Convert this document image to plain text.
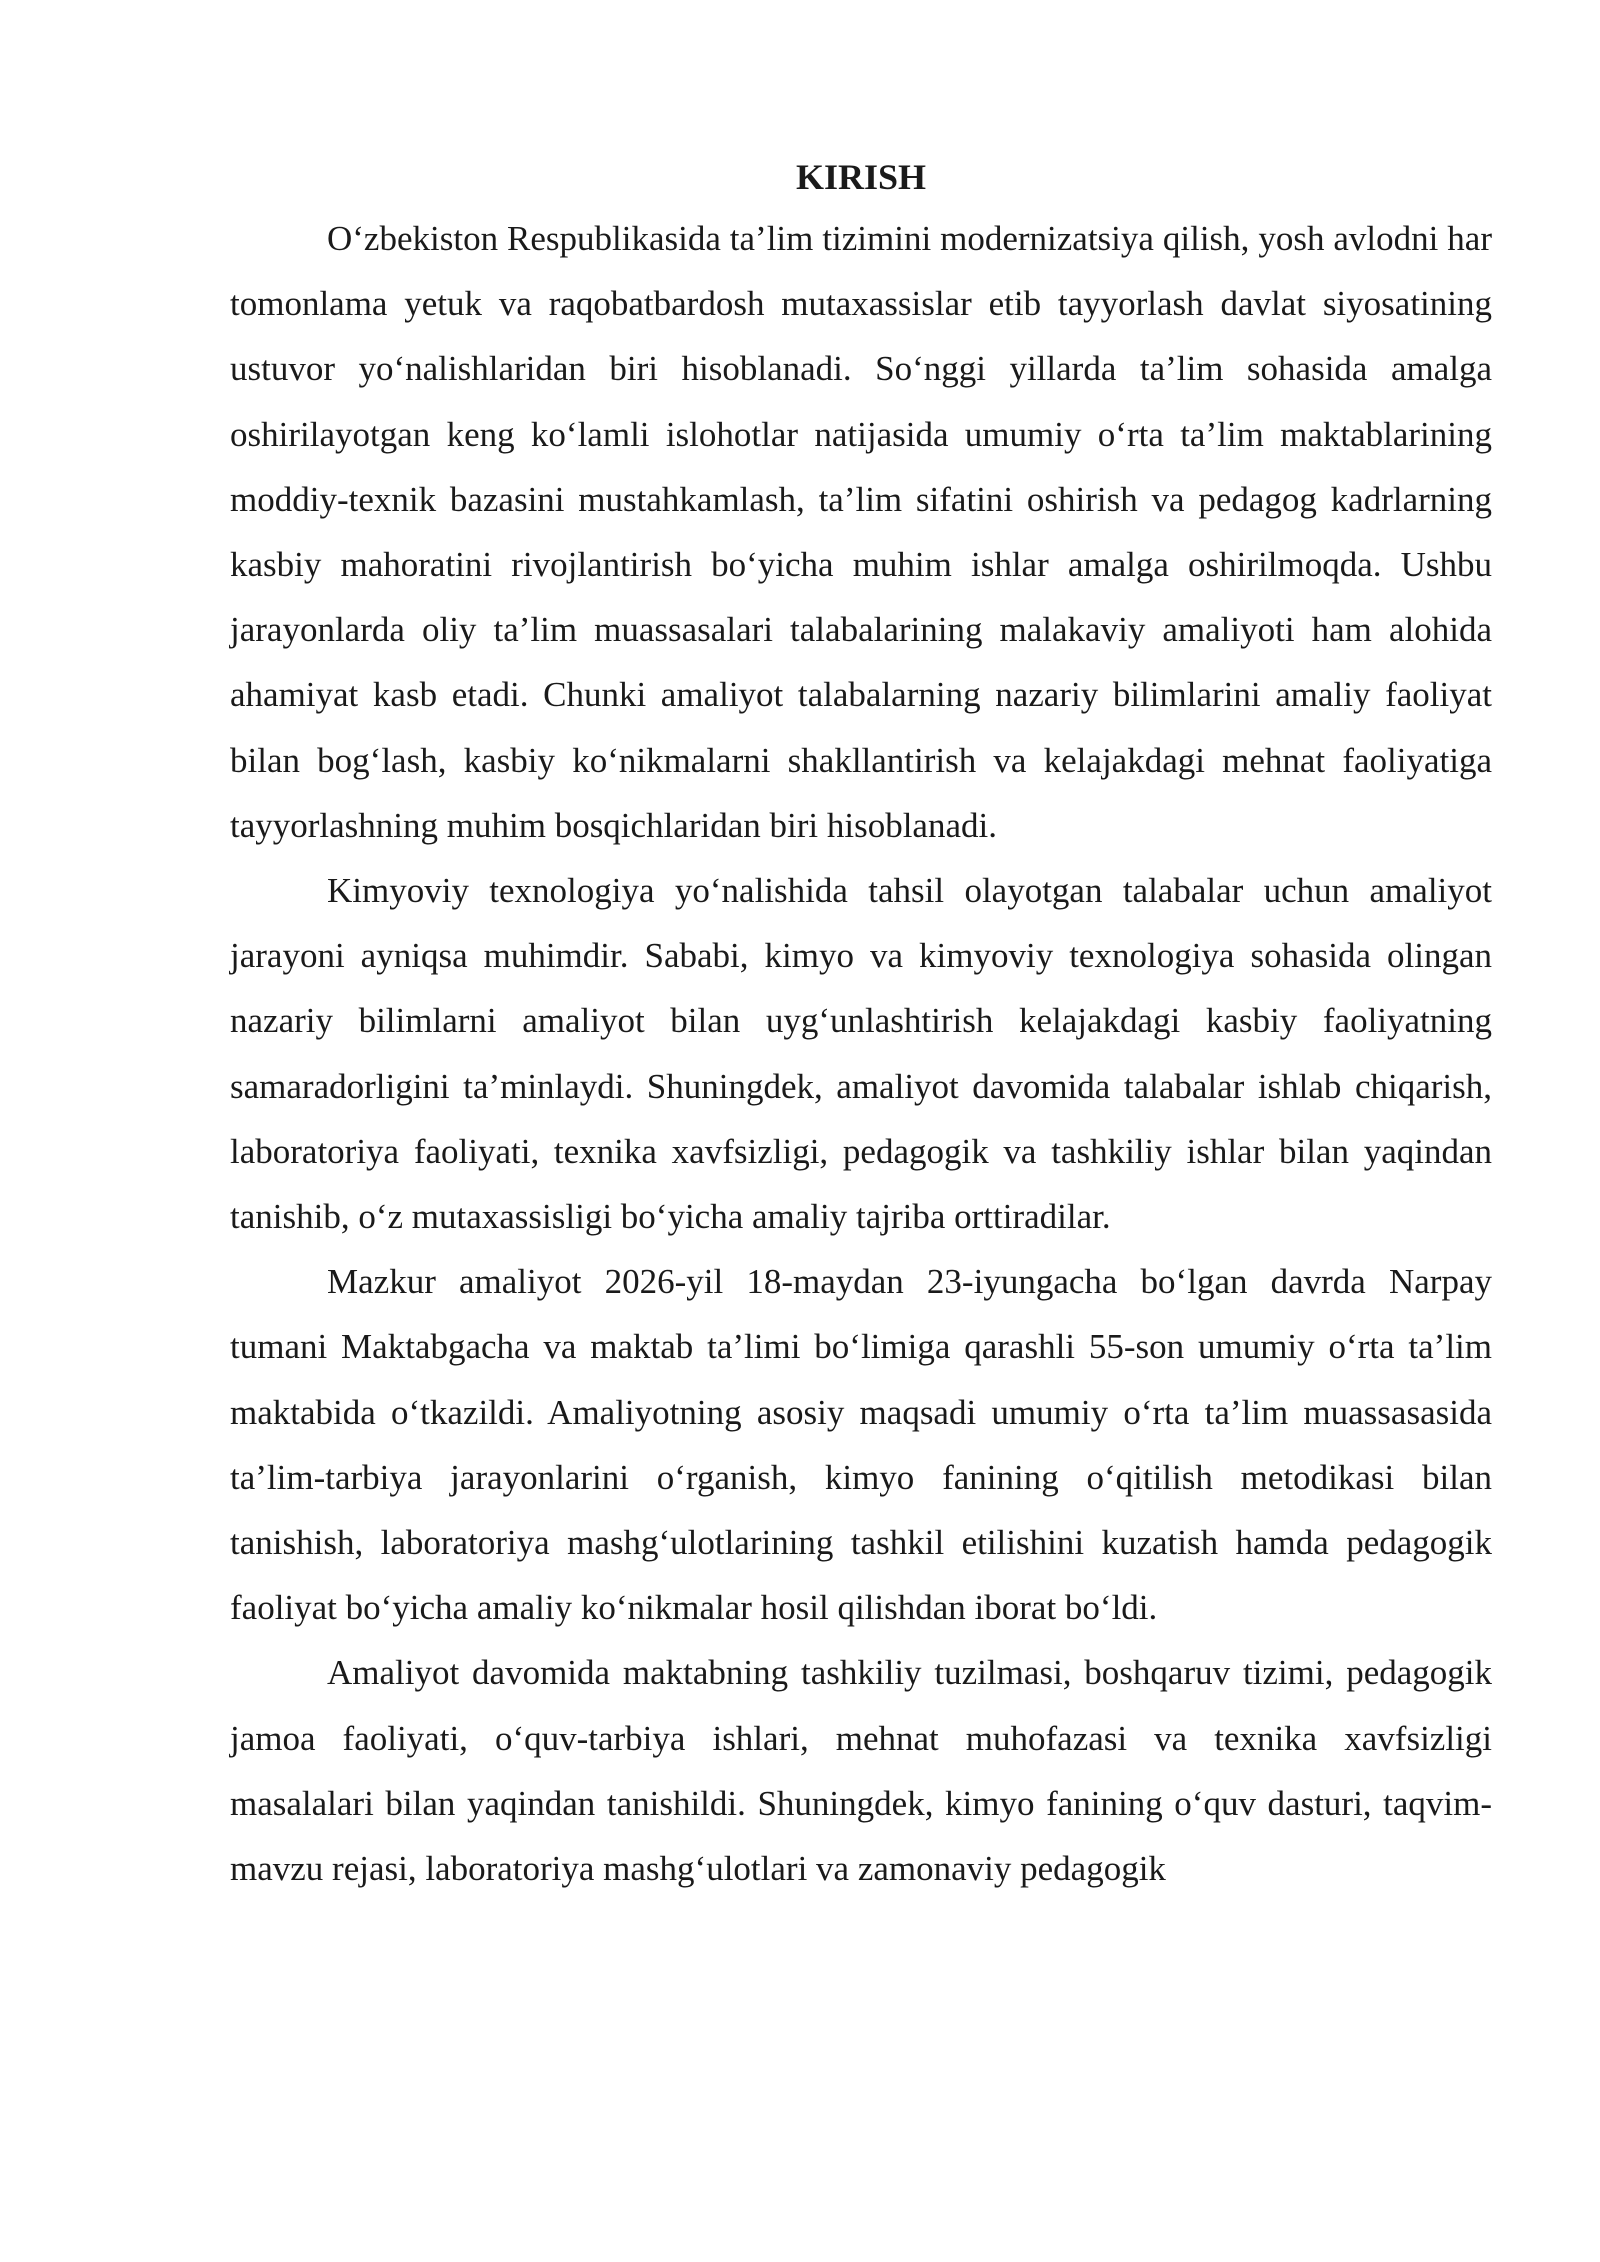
KIRISH

O‘zbekiston Respublikasida ta’lim tizimini modernizatsiya qilish, yosh avlodni har tomonlama yetuk va raqobatbardosh mutaxassislar etib tayyorlash davlat siyosatining ustuvor yo‘nalishlaridan biri hisoblanadi. So‘nggi yillarda ta’lim sohasida amalga oshirilayotgan keng ko‘lamli islohotlar natijasida umumiy o‘rta ta’lim maktablarining moddiy-texnik bazasini mustahkamlash, ta’lim sifatini oshirish va pedagog kadrlarning kasbiy mahoratini rivojlantirish bo‘yicha muhim ishlar amalga oshirilmoqda. Ushbu jarayonlarda oliy ta’lim muassasalari talabalarining malakaviy amaliyoti ham alohida ahamiyat kasb etadi. Chunki amaliyot talabalarning nazariy bilimlarini amaliy faoliyat bilan bog‘lash, kasbiy ko‘nikmalarni shakllantirish va kelajakdagi mehnat faoliyatiga tayyorlashning muhim bosqichlaridan biri hisoblanadi.

Kimyoviy texnologiya yo‘nalishida tahsil olayotgan talabalar uchun amaliyot jarayoni ayniqsa muhimdir. Sababi, kimyo va kimyoviy texnologiya sohasida olingan nazariy bilimlarni amaliyot bilan uyg‘unlashtirish kelajakdagi kasbiy faoliyatning samaradorligini ta’minlaydi. Shuningdek, amaliyot davomida talabalar ishlab chiqarish, laboratoriya faoliyati, texnika xavfsizligi, pedagogik va tashkiliy ishlar bilan yaqindan tanishib, o‘z mutaxassisligi bo‘yicha amaliy tajriba orttiradilar.

Mazkur amaliyot 2026-yil 18-maydan 23-iyungacha bo‘lgan davrda Narpay tumani Maktabgacha va maktab ta’limi bo‘limiga qarashli 55-son umumiy o‘rta ta’lim maktabida o‘tkazildi. Amaliyotning asosiy maqsadi umumiy o‘rta ta’lim muassasasida ta’lim-tarbiya jarayonlarini o‘rganish, kimyo fanining o‘qitilish metodikasi bilan tanishish, laboratoriya mashg‘ulotlarining tashkil etilishini kuzatish hamda pedagogik faoliyat bo‘yicha amaliy ko‘nikmalar hosil qilishdan iborat bo‘ldi.

Amaliyot davomida maktabning tashkiliy tuzilmasi, boshqaruv tizimi, pedagogik jamoa faoliyati, o‘quv-tarbiya ishlari, mehnat muhofazasi va texnika xavfsizligi masalalari bilan yaqindan tanishildi. Shuningdek, kimyo fanining o‘quv dasturi, taqvim-mavzu rejasi, laboratoriya mashg‘ulotlari va zamonaviy pedagogik
